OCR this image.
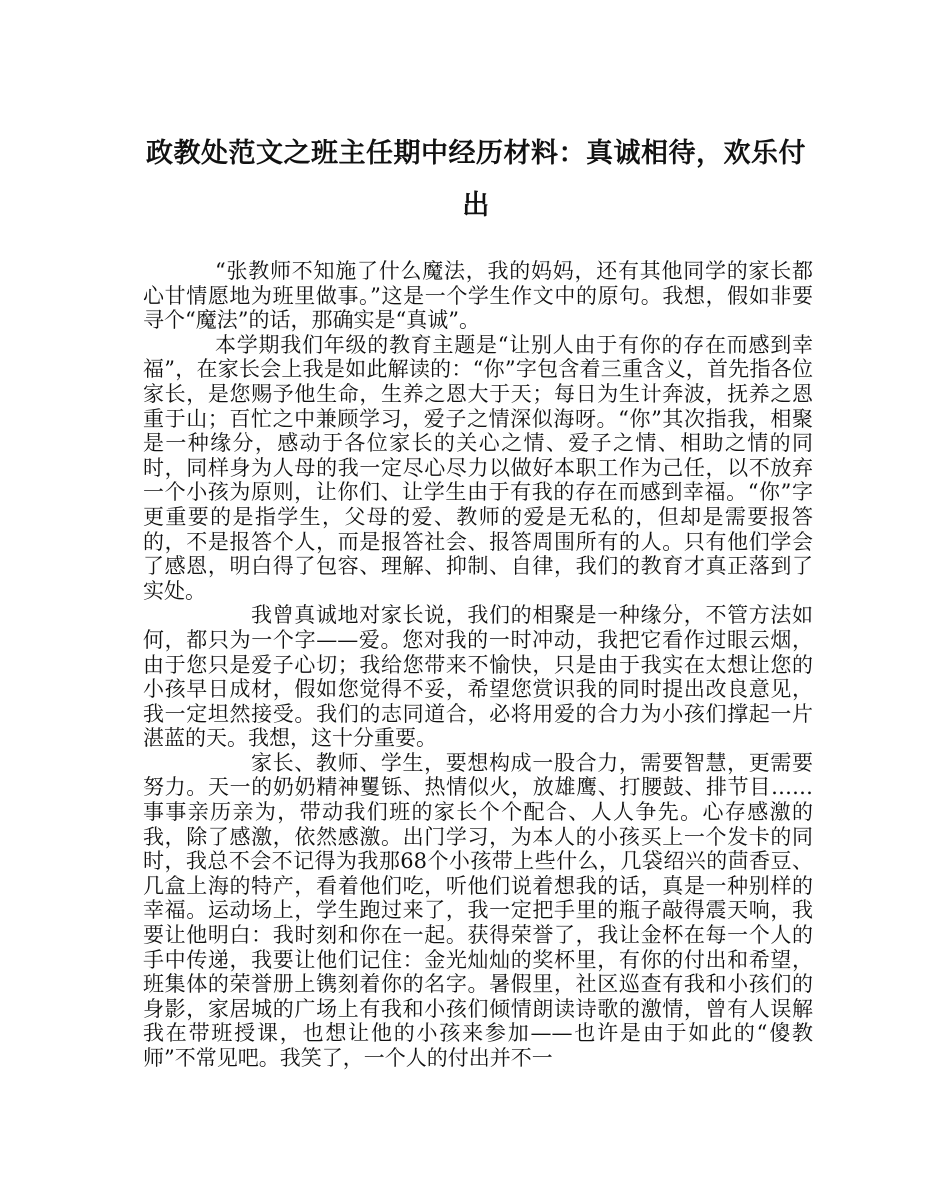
政教处范文之班主任期中经历材料：真诚相待，欢乐付出

“张教师不知施了什么魔法，我的妈妈，还有其他同学的家长都心甘情愿地为班里做事。”这是一个学生作文中的原句。我想，假如非要寻个“魔法”的话，那确实是“真诚”。

本学期我们年级的教育主题是“让别人由于有你的存在而感到幸福”，在家长会上我是如此解读的：“你”字包含着三重含义，首先指各位家长，是您赐予他生命，生养之恩大于天；每日为生计奔波，抚养之恩重于山；百忙之中兼顾学习，爱子之情深似海呀。“你”其次指我，相聚是一种缘分，感动于各位家长的关心之情、爱子之情、相助之情的同时，同样身为人母的我一定尽心尽力以做好本职工作为己任，以不放弃一个小孩为原则，让你们、让学生由于有我的存在而感到幸福。“你”字更重要的是指学生，父母的爱、教师的爱是无私的，但却是需要报答的，不是报答个人，而是报答社会、报答周围所有的人。只有他们学会了感恩，明白得了包容、理解、抑制、自律，我们的教育才真正落到了实处。

我曾真诚地对家长说，我们的相聚是一种缘分，不管方法如何，都只为一个字——爱。您对我的一时冲动，我把它看作过眼云烟，由于您只是爱子心切；我给您带来不愉快，只是由于我实在太想让您的小孩早日成材，假如您觉得不妥，希望您赏识我的同时提出改良意见，我一定坦然接受。我们的志同道合，必将用爱的合力为小孩们撑起一片湛蓝的天。我想，这十分重要。

家长、教师、学生，要想构成一股合力，需要智慧，更需要努力。天一的奶奶精神矍铄、热情似火，放雄鹰、打腰鼓、排节目……事事亲历亲为，带动我们班的家长个个配合、人人争先。心存感激的我，除了感激，依然感激。出门学习，为本人的小孩买上一个发卡的同时，我总不会不记得为我那68个小孩带上些什么，几袋绍兴的茴香豆、几盒上海的特产，看着他们吃，听他们说着想我的话，真是一种别样的幸福。运动场上，学生跑过来了，我一定把手里的瓶子敲得震天响，我要让他明白：我时刻和你在一起。获得荣誉了，我让金杯在每一个人的手中传递，我要让他们记住：金光灿灿的奖杯里，有你的付出和希望，班集体的荣誉册上镌刻着你的名字。暑假里，社区巡查有我和小孩们的身影，家居城的广场上有我和小孩们倾情朗读诗歌的激情，曾有人误解我在带班授课，也想让他的小孩来参加——也许是由于如此的“傻教师”不常见吧。我笑了，一个人的付出并不一
